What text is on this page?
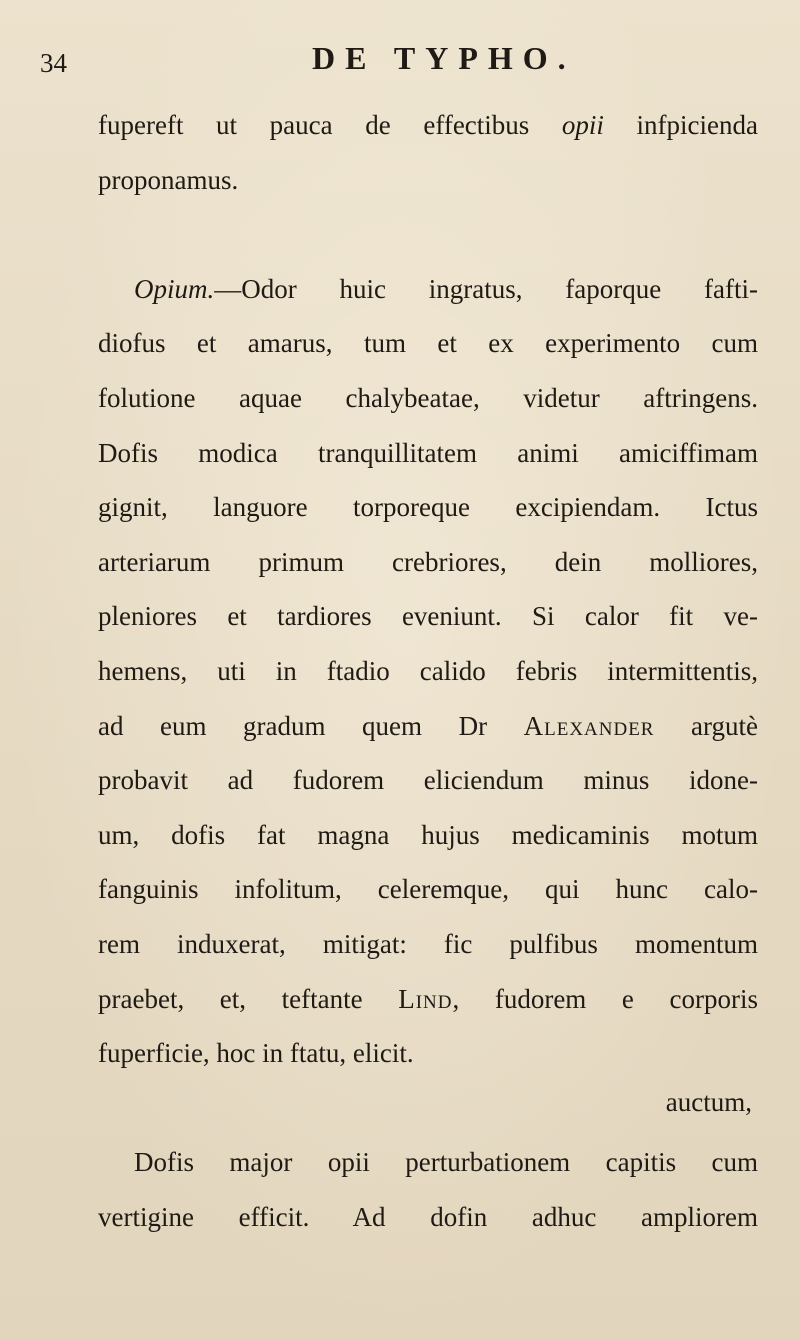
34	DE TYPHO.
fupereft ut pauca de effectibus opii infpicienda
proponamus.
Opium.—Odor huic ingratus, faporque fafti-
diofus et amarus, tum et ex experimento cum
folutione aquae chalybeatae, videtur aftringens.
Dofis modica tranquillitatem animi amiciffimam
gignit, languore torporeque excipiendam. Ictus
arteriarum primum crebriores, dein molliores,
pleniores et tardiores eveniunt. Si calor fit ve-
hemens, uti in ftadio calido febris intermittentis,
ad eum gradum quem Dr Alexander argutè
probavit ad fudorem eliciendum minus idone-
um, dofis fat magna hujus medicaminis motum
fanguinis infolitum, celeremque, qui hunc calo-
rem induxerat, mitigat: fic pulfibus momentum
praebet, et, teftante Lind, fudorem e corporis
fuperficie, hoc in ftatu, elicit.
Dofis major opii perturbationem capitis cum
vertigine efficit. Ad dofin adhuc ampliorem
auctum,
